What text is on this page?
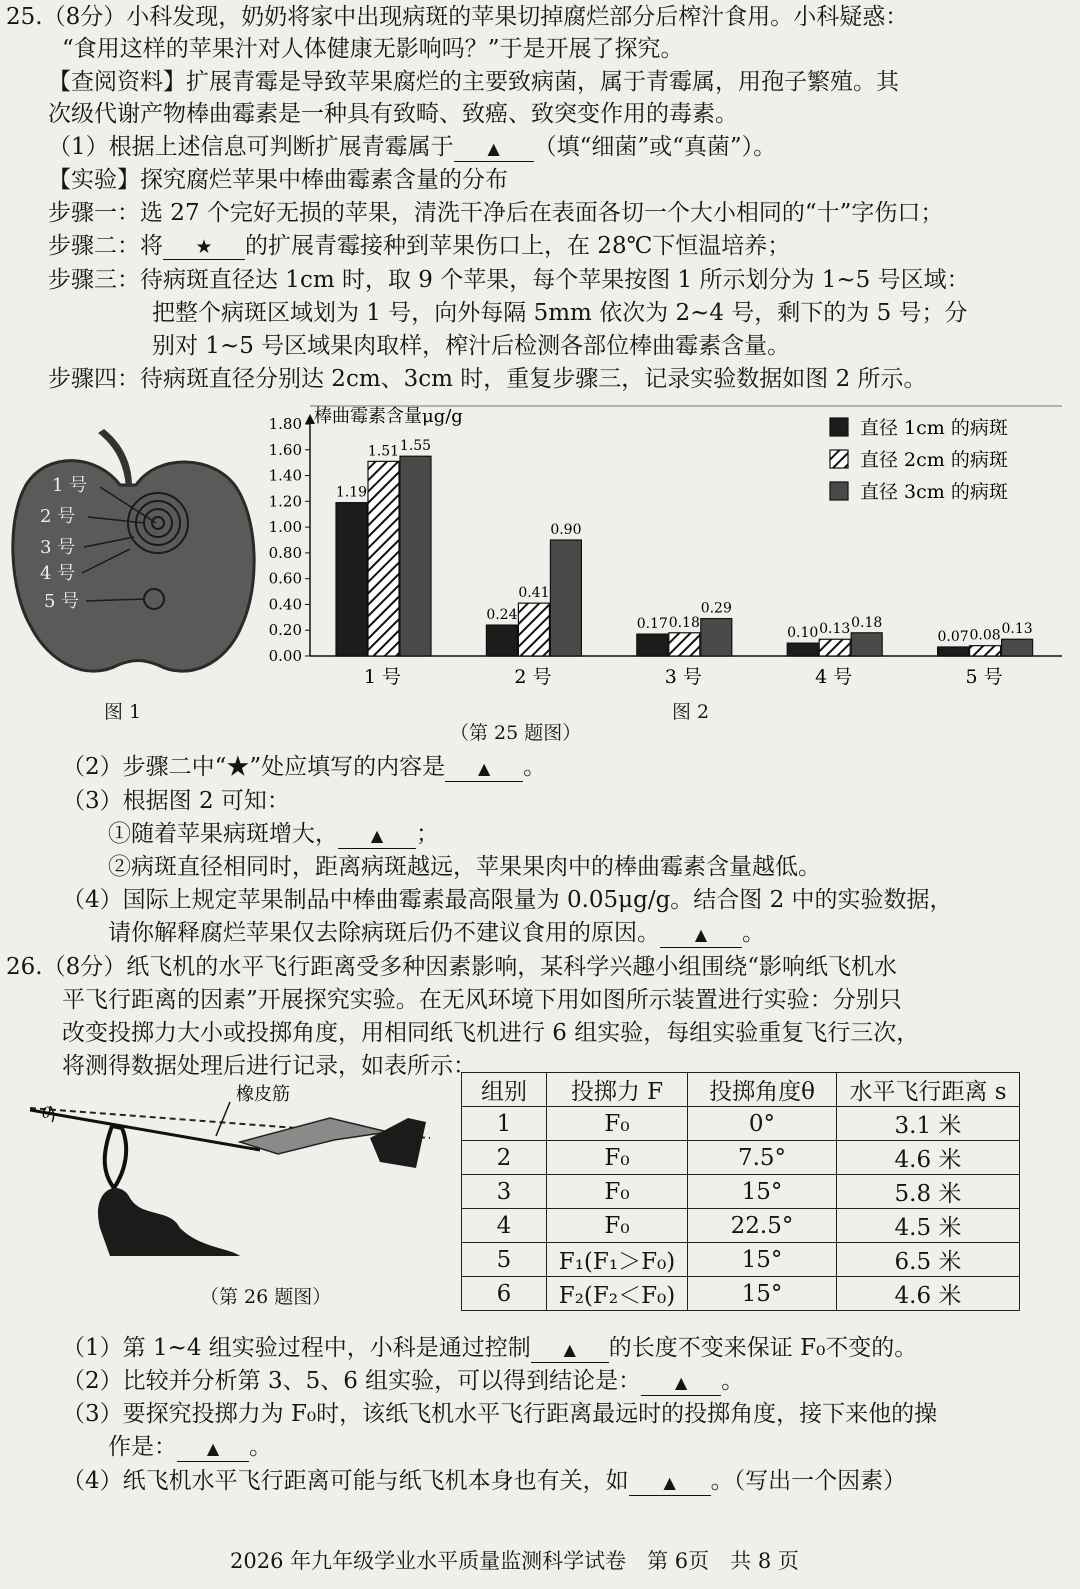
25.（8分）小科发现，奶奶将家中出现病斑的苹果切掉腐烂部分后榨汁食用。小科疑惑：
“食用这样的苹果汁对人体健康无影响吗？”于是开展了探究。
【查阅资料】扩展青霉是导致苹果腐烂的主要致病菌，属于青霉属，用孢子繁殖。其
次级代谢产物棒曲霉素是一种具有致畸、致癌、致突变作用的毒素。
（1）根据上述信息可判断扩展青霉属于 ▲ （填“细菌”或“真菌”）。
【实验】探究腐烂苹果中棒曲霉素含量的分布
步骤一：选 27 个完好无损的苹果，清洗干净后在表面各切一个大小相同的“十”字伤口；
步骤二：将 ★ 的扩展青霉接种到苹果伤口上，在 28℃下恒温培养；
步骤三：待病斑直径达 1cm 时，取 9 个苹果，每个苹果按图 1 所示划分为 1~5 号区域：
把整个病斑区域划为 1 号，向外每隔 5mm 依次为 2~4 号，剩下的为 5 号；分
别对 1~5 号区域果肉取样，榨汁后检测各部位棒曲霉素含量。
步骤四：待病斑直径分别达 2cm、3cm 时，重复步骤三，记录实验数据如图 2 所示。
1 号
2 号
3 号
4 号
5 号
图 1
0.00
0.20
0.40
0.60
0.80
1.00
1.20
1.40
1.60
1.80 棒曲霉素含量μg/g
1.19
1.51 1.55
1 号
0.24
0.41
0.90
2 号
0.17 0.18
0.29
3 号
0.10 0.13 0.18
4 号
0.07 0.08 0.13
5 号
直径 1cm 的病斑
直径 2cm 的病斑
直径 3cm 的病斑
图 2
（第 25 题图）
（2）步骤二中“★”处应填写的内容是 ▲ 。
（3）根据图 2 可知：
①随着苹果病斑增大， ▲ ；
②病斑直径相同时，距离病斑越远，苹果果肉中的棒曲霉素含量越低。
（4）国际上规定苹果制品中棒曲霉素最高限量为 0.05μg/g。结合图 2 中的实验数据，
请你解释腐烂苹果仅去除病斑后仍不建议食用的原因。 ▲ 。
26.（8分）纸飞机的水平飞行距离受多种因素影响，某科学兴趣小组围绕“影响纸飞机水
平飞行距离的因素”开展探究实验。在无风环境下用如图所示装置进行实验：分别只
改变投掷力大小或投掷角度，用相同纸飞机进行 6 组实验，每组实验重复飞行三次，
将测得数据处理后进行记录，如表所示：
θ
橡皮筋
（第 26 题图）
组别	投掷力 F	投掷角度θ	水平飞行距离 s
1	F₀	0°	3.1 米
2	F₀	7.5°	4.6 米
3	F₀	15°	5.8 米
4	F₀	22.5°	4.5 米
5	F₁(F₁＞F₀)	15°	6.5 米
6	F₂(F₂＜F₀)	15°	4.6 米
（1）第 1~4 组实验过程中，小科是通过控制 ▲ 的长度不变来保证 F₀不变的。
（2）比较并分析第 3、5、6 组实验，可以得到结论是： ▲ 。
（3）要探究投掷力为 F₀时，该纸飞机水平飞行距离最远时的投掷角度，接下来他的操
作是： ▲ 。
（4）纸飞机水平飞行距离可能与纸飞机本身也有关，如 ▲ 。（写出一个因素）
2026 年九年级学业水平质量监测科学试卷　第 6页　共 8 页
